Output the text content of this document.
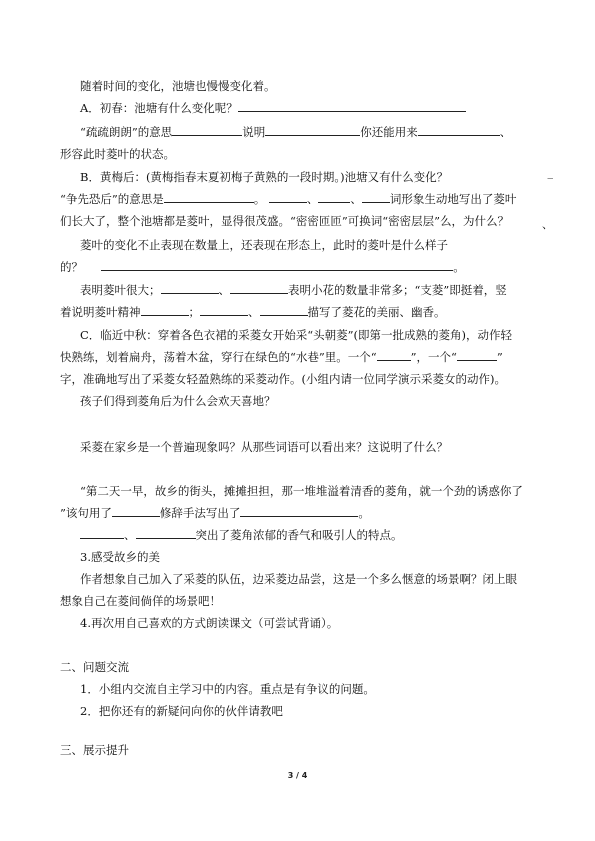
随着时间的变化，池塘也慢慢变化着。
A．初春：池塘有什么变化呢？
“疏疏朗朗”的意思	说明	你还能用来	、
形容此时菱叶的状态。
B．黄梅后：(黄梅指春末夏初梅子黄熟的一段时期。)池塘又有什么变化？	_
“争先恐后”的意思是	。	、	、 词形象生动地写出了菱叶
们长大了，整个池塘都是菱叶，显得很茂盛。“密密匝匝”可换词“密密层层”么，为什么？	、
菱叶的变化不止表现在数量上，还表现在形态上，此时的菱叶是什么样子
的？	。
表明菱叶很大；	、	表明小花的数量非常多；“支菱”即挺着，竖
着说明菱叶精神	；	、	描写了菱花的美丽、幽香。
C．临近中秋：穿着各色衣裙的采菱女开始采“头朝菱”(即第一批成熟的菱角)，动作轻
快熟练，划着扁舟，荡着木盆，穿行在绿色的“水巷”里。一个“	”，一个“	”
字，准确地写出了采菱女轻盈熟练的采菱动作。(小组内请一位同学演示采菱女的动作)。
孩子们得到菱角后为什么会欢天喜地？
采菱在家乡是一个普遍现象吗？从那些词语可以看出来？这说明了什么？
“第二天一早，故乡的街头，摊摊担担，那一堆堆溢着清香的菱角，就一个劲的诱惑你了
”该句用了	修辞手法写出了	。
、	突出了菱角浓郁的香气和吸引人的特点。
3.感受故乡的美
作者想象自己加入了采菱的队伍，边采菱边品尝，这是一个多么惬意的场景啊？闭上眼
想象自己在菱间倘佯的场景吧！
4.再次用自己喜欢的方式朗读课文（可尝试背诵）。
二、问题交流
1．小组内交流自主学习中的内容。重点是有争议的问题。
2．把你还有的新疑问向你的伙伴请教吧
三、展示提升
3 / 4
